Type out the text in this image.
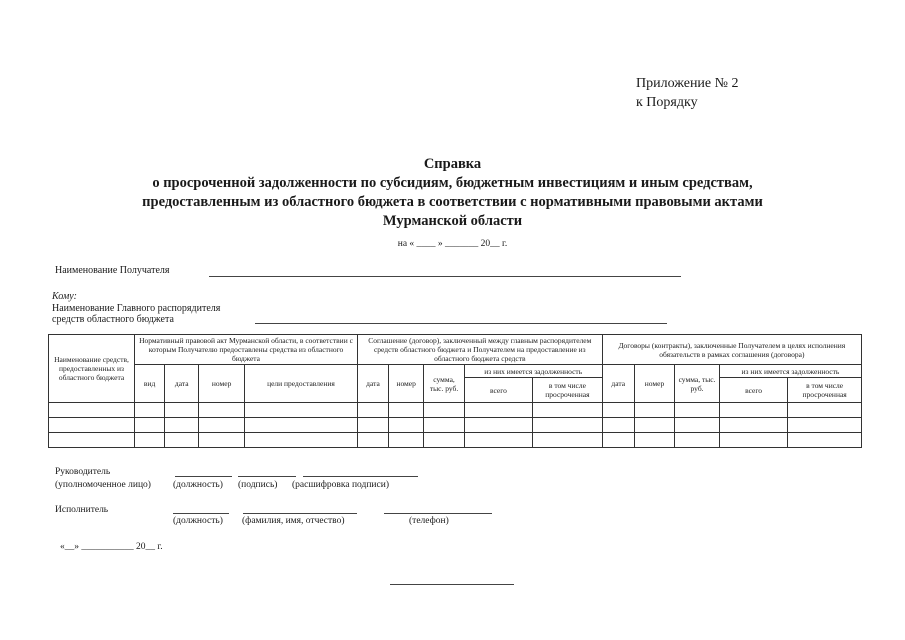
Приложение № 2
к Порядку
Справка
о просроченной задолженности по субсидиям, бюджетным инвестициям и иным средствам,
предоставленным из областного бюджета в соответствии с нормативными правовыми актами
Мурманской области
на « ____ » _______ 20__ г.
Наименование Получателя
Кому:
Наименование Главного распорядителя
средств областного бюджета
Наименование средств, предоставленных из областного бюджета	Нормативный правовой акт Мурманской области, в соответствии с которым Получателю предоставлены средства из областного бюджета				Соглашение (договор), заключенный между главным распорядителем средств областного бюджета и Получателем на предоставление из областного бюджета средств					Договоры (контракты), заключенные Получателем в целях исполнения обязательств в рамках соглашения (договора)				
	вид	дата	номер	цели предоставления	дата	номер	сумма, тыс. руб.	из них имеется задолженность		дата	номер	сумма, тыс. руб.	из них имеется задолженность	
								всего	в том числе просроченная				всего	в том числе просроченная

Руководитель
(уполномоченное лицо) (должность) (подпись) (расшифровка подписи)
Исполнитель
(должность) (фамилия, имя, отчество)	(телефон)
«__» ___________ 20__ г.
